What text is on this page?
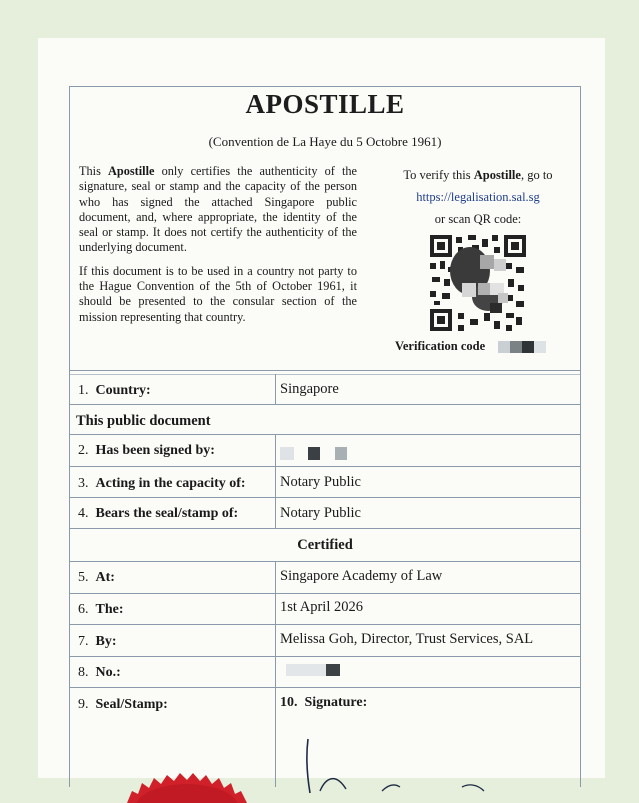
APOSTILLE
(Convention de La Haye du 5 Octobre 1961)

This Apostille only certifies the authenticity of the signature, seal or stamp and the capacity of the person who has signed the attached Singapore public document, and, where appropriate, the identity of the seal or stamp. It does not certify the authenticity of the underlying document.

If this document is to be used in a country not party to the Hague Convention of the 5th of October 1961, it should be presented to the consular section of the mission representing that country.

To verify this Apostille, go to
https://legalisation.sal.sg
or scan QR code:
Verification code
1. Country:	Singapore
This public document
2. Has been signed by:

3. Acting in the capacity of: Notary Public
4. Bears the seal/stamp of:	Notary Public
Certified
5. At:	Singapore Academy of Law
6. The:	1st April 2026
7. By:	Melissa Goh, Director, Trust Services, SAL
8. No.:
9. Seal/Stamp:	10. Signature:
